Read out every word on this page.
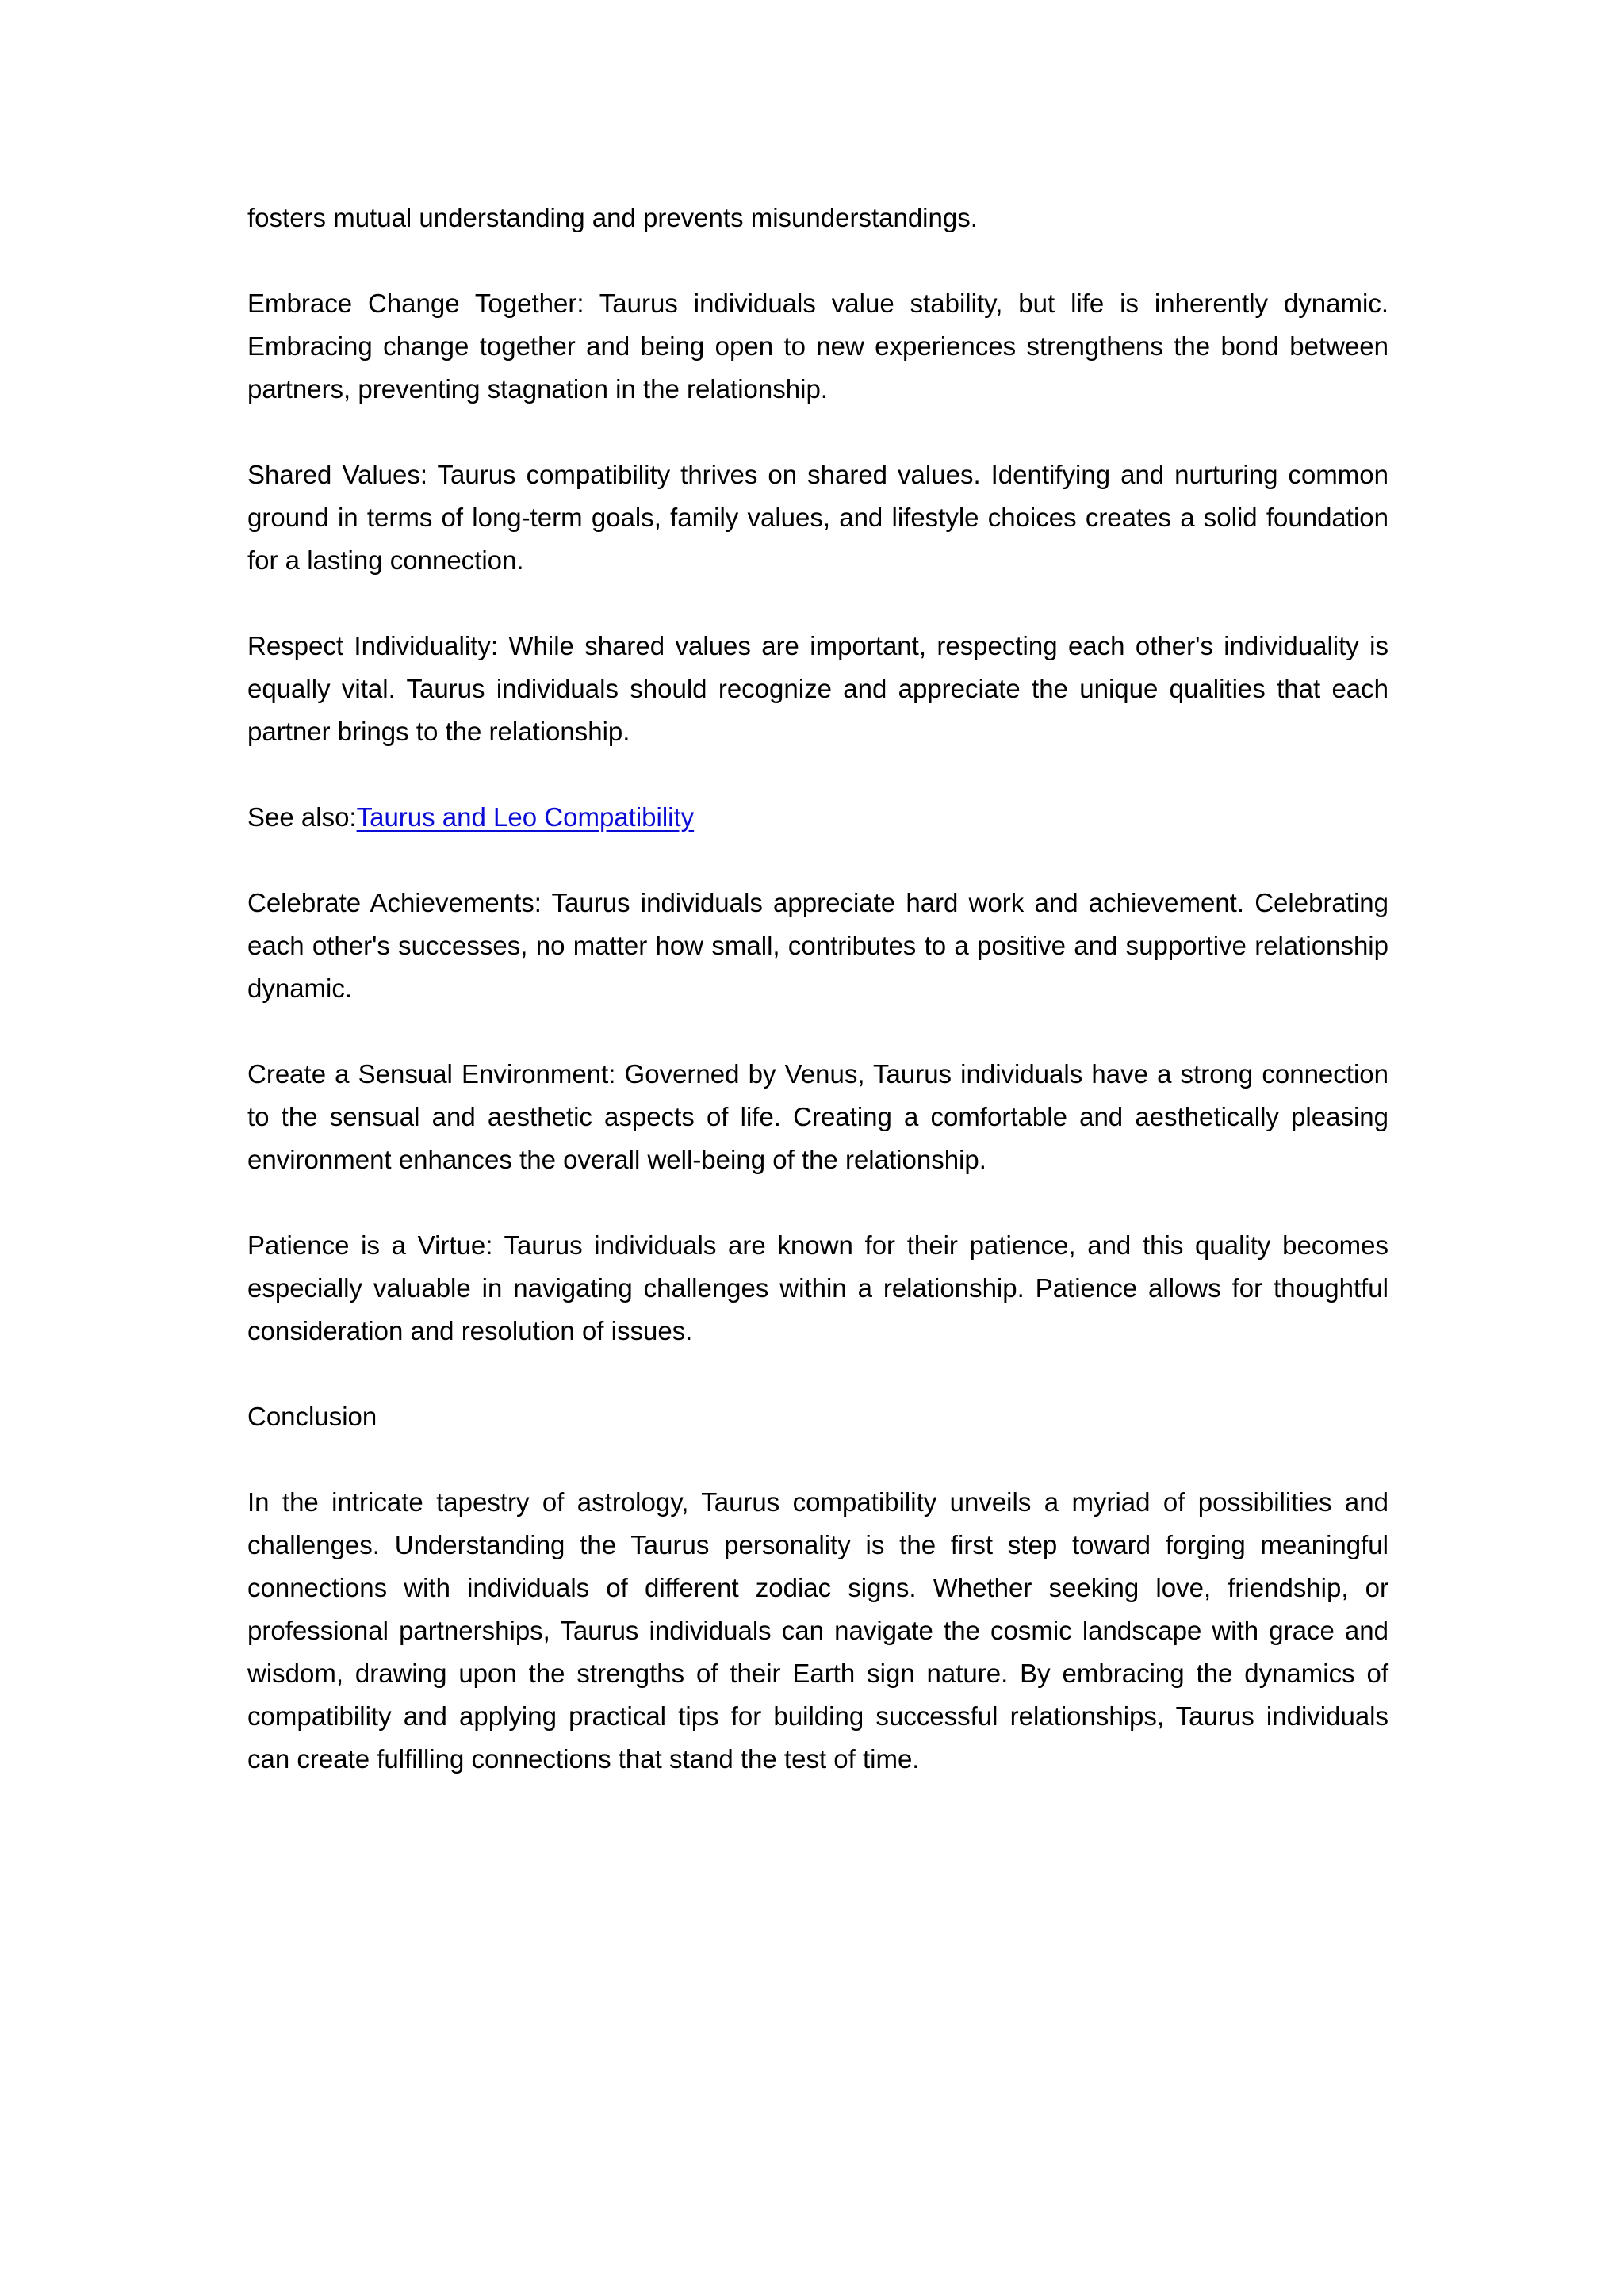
fosters mutual understanding and prevents misunderstandings.

Embrace Change Together: Taurus individuals value stability, but life is inherently dynamic. Embracing change together and being open to new experiences strengthens the bond between partners, preventing stagnation in the relationship.

Shared Values: Taurus compatibility thrives on shared values. Identifying and nurturing common ground in terms of long-term goals, family values, and lifestyle choices creates a solid foundation for a lasting connection.

Respect Individuality: While shared values are important, respecting each other's individuality is equally vital. Taurus individuals should recognize and appreciate the unique qualities that each partner brings to the relationship.

See also:Taurus and Leo Compatibility

Celebrate Achievements: Taurus individuals appreciate hard work and achievement. Celebrating each other's successes, no matter how small, contributes to a positive and supportive relationship dynamic.

Create a Sensual Environment: Governed by Venus, Taurus individuals have a strong connection to the sensual and aesthetic aspects of life. Creating a comfortable and aesthetically pleasing environment enhances the overall well-being of the relationship.

Patience is a Virtue: Taurus individuals are known for their patience, and this quality becomes especially valuable in navigating challenges within a relationship. Patience allows for thoughtful consideration and resolution of issues.

Conclusion

In the intricate tapestry of astrology, Taurus compatibility unveils a myriad of possibilities and challenges. Understanding the Taurus personality is the first step toward forging meaningful connections with individuals of different zodiac signs. Whether seeking love, friendship, or professional partnerships, Taurus individuals can navigate the cosmic landscape with grace and wisdom, drawing upon the strengths of their Earth sign nature. By embracing the dynamics of compatibility and applying practical tips for building successful relationships, Taurus individuals can create fulfilling connections that stand the test of time.
